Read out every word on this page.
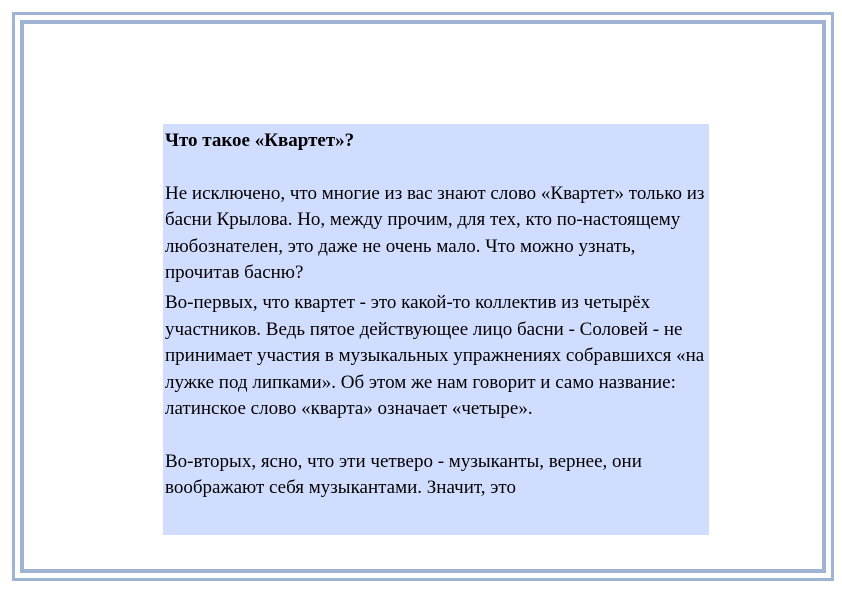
Что такое «Квартет»?

Не исключено, что многие из вас знают слово «Квартет» только из басни Крылова. Но, между прочим, для тех, кто по-настоящему любознателен, это даже не очень мало. Что можно узнать, прочитав басню?

Во-первых, что квартет - это какой-то коллектив из четырёх участников. Ведь пятое действующее лицо басни - Соловей - не принимает участия в музыкальных упражнениях собравшихся «на лужке под липками». Об этом же нам говорит и само название: латинское слово «кварта» означает «четыре».

Во-вторых, ясно, что эти четверо - музыканты, вернее, они воображают себя музыкантами. Значит, это
